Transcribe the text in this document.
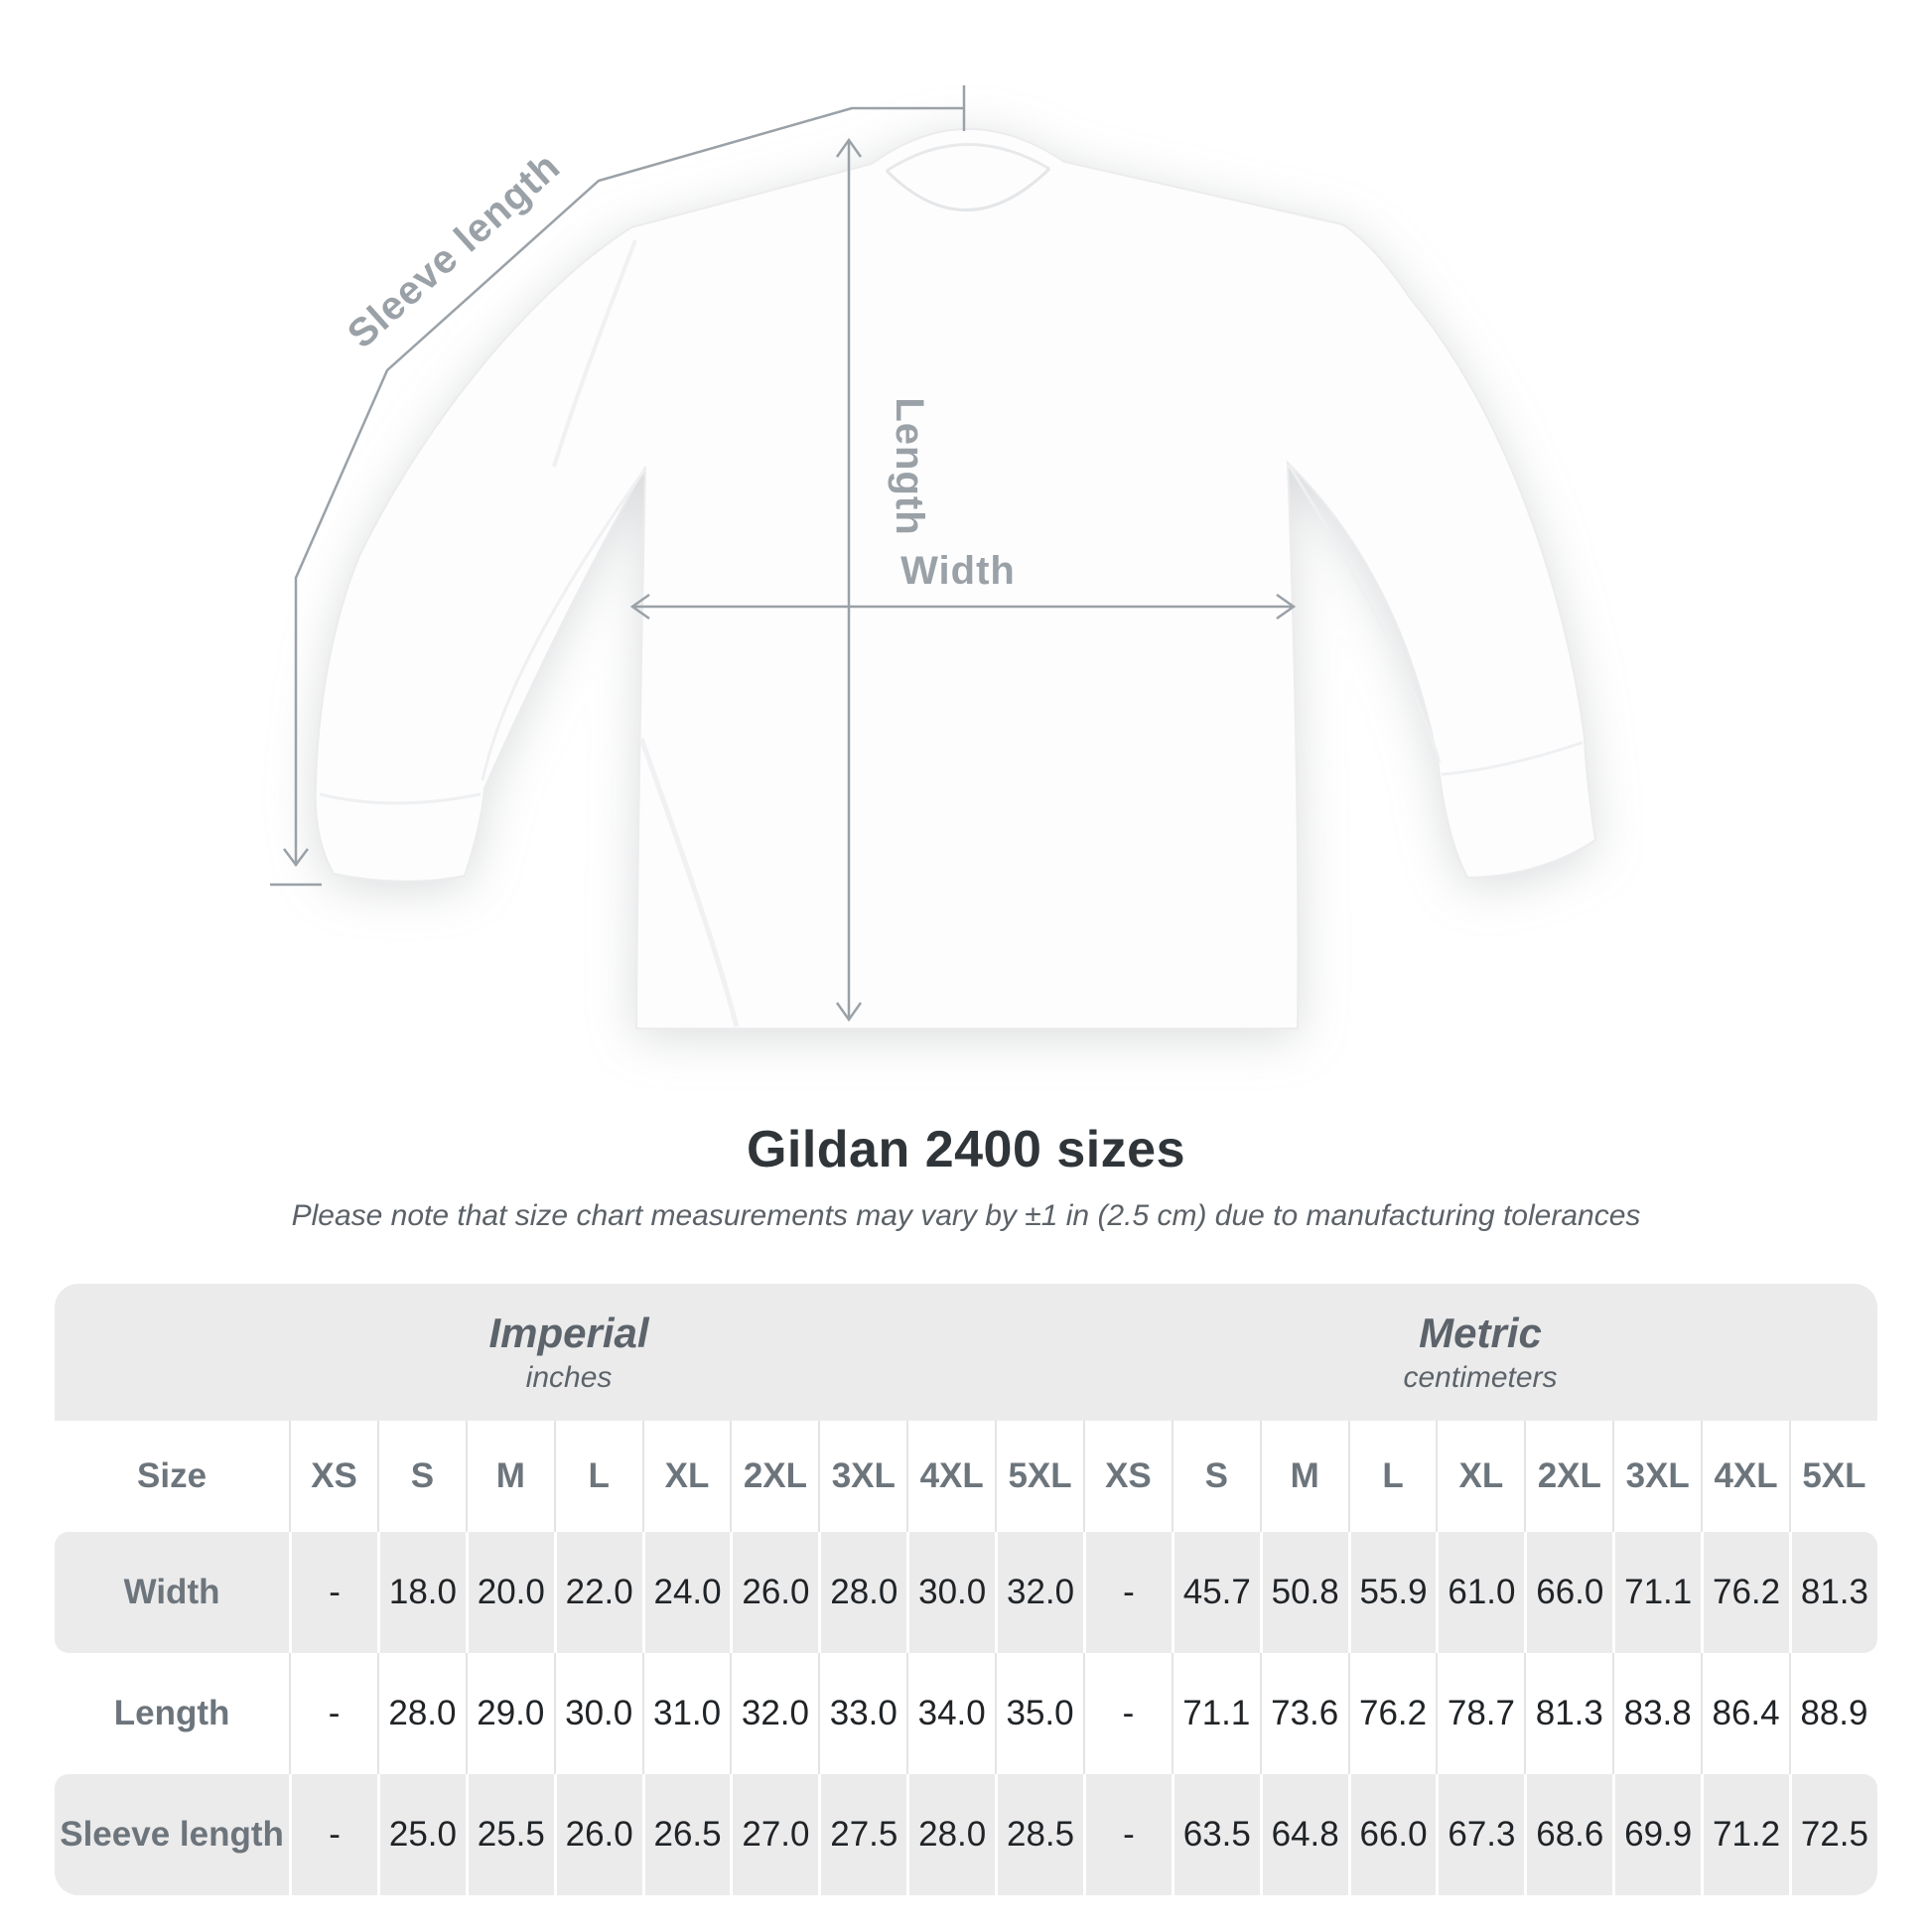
Sleeve length
Length
Width
Gildan 2400 sizes
Please note that size chart measurements may vary by ±1 in (2.5 cm) due to manufacturing tolerances
Imperial
inches
Metric
centimeters
Size	XS	S	M	L	XL 2XL 3XL 4XL 5XL XS	S	M	L	XL 2XL 3XL 4XL 5XL
Width	-	18.0 20.0 22.0 24.0 26.0 28.0 30.0 32.0	-	45.7 50.8 55.9 61.0 66.0 71.1 76.2 81.3
Length	-	28.0 29.0 30.0 31.0 32.0 33.0 34.0 35.0	-	71.1 73.6 76.2 78.7 81.3 83.8 86.4 88.9
Sleeve length	-	25.0 25.5 26.0 26.5 27.0 27.5 28.0 28.5	-	63.5 64.8 66.0 67.3 68.6 69.9 71.2 72.5
